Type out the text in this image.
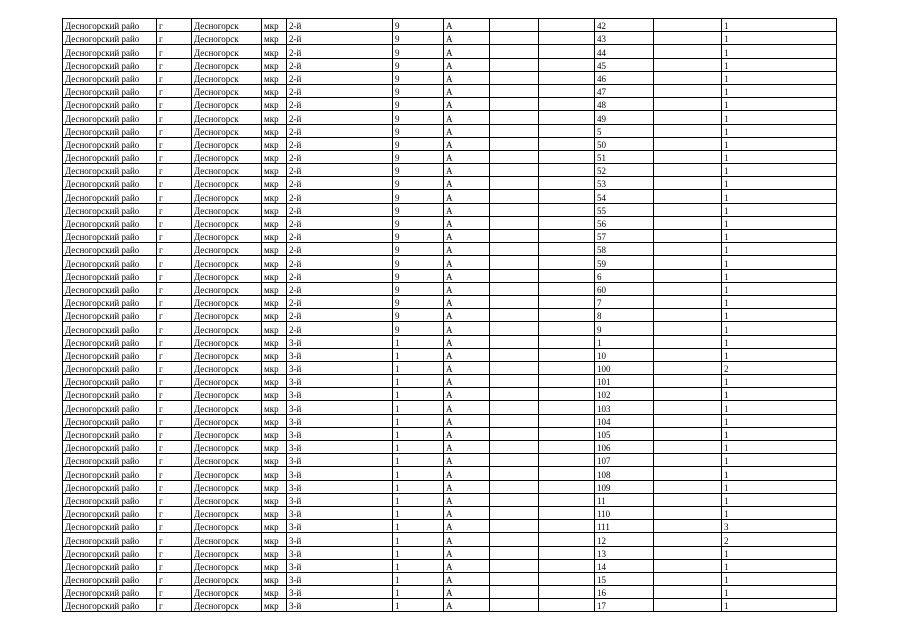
Десногорский райо	г	Десногорск	мкр	2-й	9	А			42		1
Десногорский райо	г	Десногорск	мкр	2-й	9	А			43		1
Десногорский райо	г	Десногорск	мкр	2-й	9	А			44		1
Десногорский райо	г	Десногорск	мкр	2-й	9	А			45		1
Десногорский райо	г	Десногорск	мкр	2-й	9	А			46		1
Десногорский райо	г	Десногорск	мкр	2-й	9	А			47		1
Десногорский райо	г	Десногорск	мкр	2-й	9	А			48		1
Десногорский райо	г	Десногорск	мкр	2-й	9	А			49		1
Десногорский райо	г	Десногорск	мкр	2-й	9	А			5		1
Десногорский райо	г	Десногорск	мкр	2-й	9	А			50		1
Десногорский райо	г	Десногорск	мкр	2-й	9	А			51		1
Десногорский райо	г	Десногорск	мкр	2-й	9	А			52		1
Десногорский райо	г	Десногорск	мкр	2-й	9	А			53		1
Десногорский райо	г	Десногорск	мкр	2-й	9	А			54		1
Десногорский райо	г	Десногорск	мкр	2-й	9	А			55		1
Десногорский райо	г	Десногорск	мкр	2-й	9	А			56		1
Десногорский райо	г	Десногорск	мкр	2-й	9	А			57		1
Десногорский райо	г	Десногорск	мкр	2-й	9	А			58		1
Десногорский райо	г	Десногорск	мкр	2-й	9	А			59		1
Десногорский райо	г	Десногорск	мкр	2-й	9	А			6		1
Десногорский райо	г	Десногорск	мкр	2-й	9	А			60		1
Десногорский райо	г	Десногорск	мкр	2-й	9	А			7		1
Десногорский райо	г	Десногорск	мкр	2-й	9	А			8		1
Десногорский райо	г	Десногорск	мкр	2-й	9	А			9		1
Десногорский райо	г	Десногорск	мкр	3-й	1	А			1		1
Десногорский райо	г	Десногорск	мкр	3-й	1	А			10		1
Десногорский райо	г	Десногорск	мкр	3-й	1	А			100		2
Десногорский райо	г	Десногорск	мкр	3-й	1	А			101		1
Десногорский райо	г	Десногорск	мкр	3-й	1	А			102		1
Десногорский райо	г	Десногорск	мкр	3-й	1	А			103		1
Десногорский райо	г	Десногорск	мкр	3-й	1	А			104		1
Десногорский райо	г	Десногорск	мкр	3-й	1	А			105		1
Десногорский райо	г	Десногорск	мкр	3-й	1	А			106		1
Десногорский райо	г	Десногорск	мкр	3-й	1	А			107		1
Десногорский райо	г	Десногорск	мкр	3-й	1	А			108		1
Десногорский райо	г	Десногорск	мкр	3-й	1	А			109		1
Десногорский райо	г	Десногорск	мкр	3-й	1	А			11		1
Десногорский райо	г	Десногорск	мкр	3-й	1	А			110		1
Десногорский райо	г	Десногорск	мкр	3-й	1	А			111		3
Десногорский райо	г	Десногорск	мкр	3-й	1	А			12		2
Десногорский райо	г	Десногорск	мкр	3-й	1	А			13		1
Десногорский райо	г	Десногорск	мкр	3-й	1	А			14		1
Десногорский райо	г	Десногорск	мкр	3-й	1	А			15		1
Десногорский райо	г	Десногорск	мкр	3-й	1	А			16		1
Десногорский райо	г	Десногорск	мкр	3-й	1	А			17		1
